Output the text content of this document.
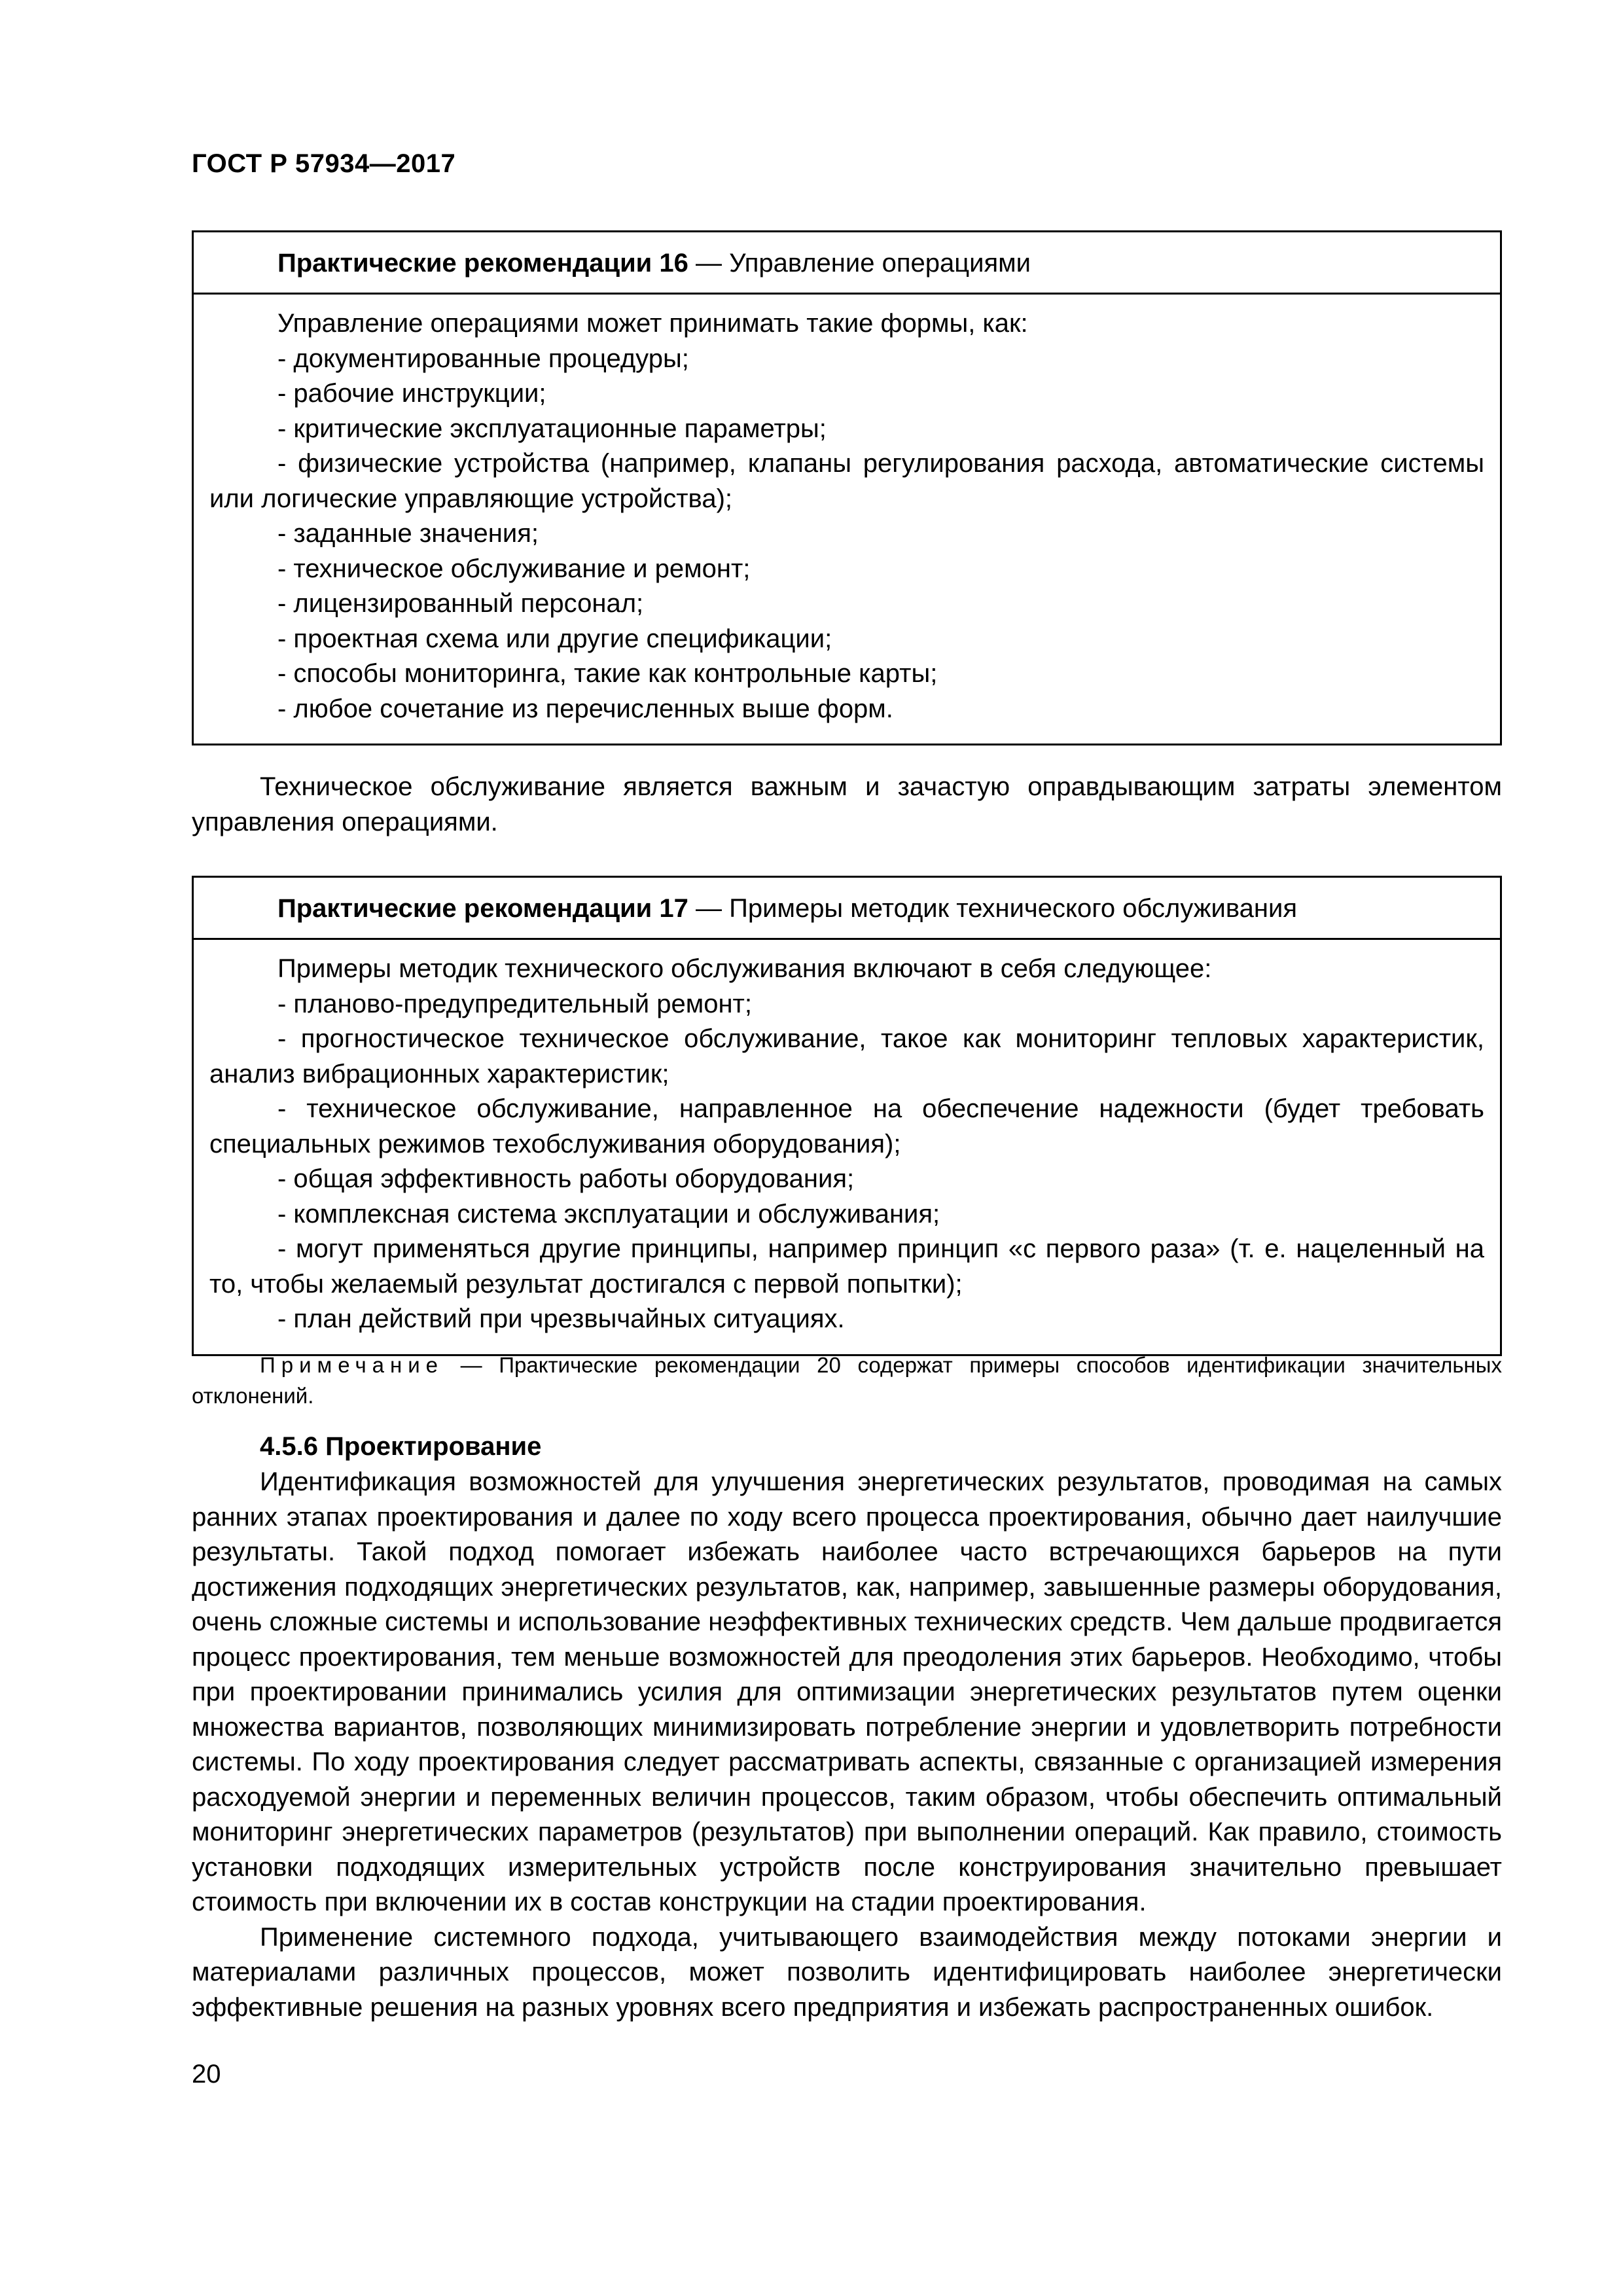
ГОСТ Р 57934—2017
Практические рекомендации 16 — Управление операциями

Управление операциями может принимать такие формы, как:

- документированные процедуры;

- рабочие инструкции;

- критические эксплуатационные параметры;

- физические устройства (например, клапаны регулирования расхода, автоматические системы или логические управляющие устройства);

- заданные значения;

- техническое обслуживание и ремонт;

- лицензированный персонал;

- проектная схема или другие спецификации;

- способы мониторинга, такие как контрольные карты;

- любое сочетание из перечисленных выше форм.

Техническое обслуживание является важным и зачастую оправдывающим затраты элементом управления операциями.

Практические рекомендации 17 — Примеры методик технического обслуживания

Примеры методик технического обслуживания включают в себя следующее:

- планово-предупредительный ремонт;

- прогностическое техническое обслуживание, такое как мониторинг тепловых характеристик, анализ вибрационных характеристик;

- техническое обслуживание, направленное на обеспечение надежности (будет требовать специальных режимов техобслуживания оборудования);

- общая эффективность работы оборудования;

- комплексная система эксплуатации и обслуживания;

- могут применяться другие принципы, например принцип «с первого раза» (т. е. нацеленный на то, чтобы желаемый результат достигался с первой попытки);

- план действий при чрезвычайных ситуациях.

Примечание — Практические рекомендации 20 содержат примеры способов идентификации значительных отклонений.
4.5.6 Проектирование

Идентификация возможностей для улучшения энергетических результатов, проводимая на самых ранних этапах проектирования и далее по ходу всего процесса проектирования, обычно дает наилучшие результаты. Такой подход помогает избежать наиболее часто встречающихся барьеров на пути достижения подходящих энергетических результатов, как, например, завышенные размеры оборудования, очень сложные системы и использование неэффективных технических средств. Чем дальше продвигается процесс проектирования, тем меньше возможностей для преодоления этих барьеров. Необходимо, чтобы при проектировании принимались усилия для оптимизации энергетических результатов путем оценки множества вариантов, позволяющих минимизировать потребление энергии и удовлетворить потребности системы. По ходу проектирования следует рассматривать аспекты, связанные с организацией измерения расходуемой энергии и переменных величин процессов, таким образом, чтобы обеспечить оптимальный мониторинг энергетических параметров (результатов) при выполнении операций. Как правило, стоимость установки подходящих измерительных устройств после конструирования значительно превышает стоимость при включении их в состав конструкции на стадии проектирования.

Применение системного подхода, учитывающего взаимодействия между потоками энергии и материалами различных процессов, может позволить идентифицировать наиболее энергетически эффективные решения на разных уровнях всего предприятия и избежать распространенных ошибок.

20
